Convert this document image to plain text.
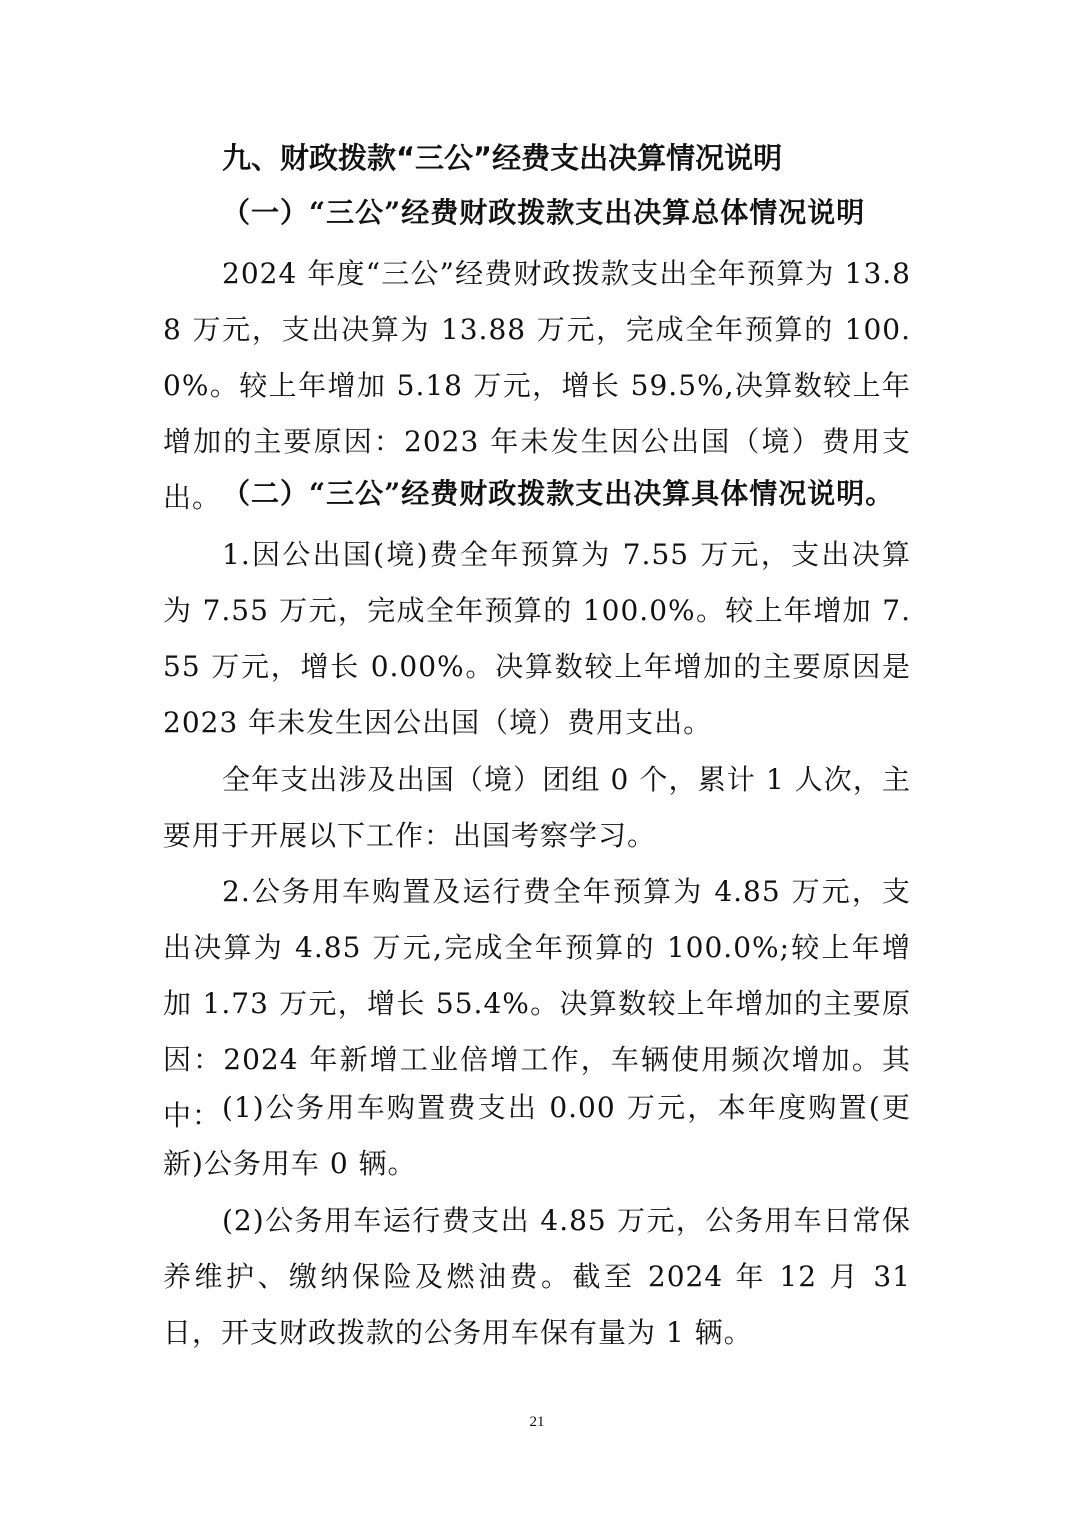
九、财政拨款“三公”经费支出决算情况说明
（一）“三公”经费财政拨款支出决算总体情况说明
2024 年度“三公”经费财政拨款支出全年预算为 13.88 万元，支出决算为 13.88 万元，完成全年预算的 100.0%。较上年增加 5.18 万元，增长 59.5%,决算数较上年增加的主要原因：2023 年未发生因公出国（境）费用支出。 （二）“三公”经费财政拨款支出决算具体情况说明。
1.因公出国(境)费全年预算为 7.55 万元，支出决算为 7.55 万元，完成全年预算的 100.0%。较上年增加 7.55 万元，增长 0.00%。决算数较上年增加的主要原因是 2023 年未发生因公出国（境）费用支出。
全年支出涉及出国（境）团组 0 个，累计 1 人次，主要用于开展以下工作：出国考察学习。
2.公务用车购置及运行费全年预算为 4.85 万元，支出决算为 4.85 万元,完成全年预算的 100.0%;较上年增加 1.73 万元，增长 55.4%。决算数较上年增加的主要原因：2024 年新增工业倍增工作，车辆使用频次增加。其中： (1)公务用车购置费支出 0.00 万元，本年度购置(更新)公务用车 0 辆。
(2)公务用车运行费支出 4.85 万元，公务用车日常保养维护、缴纳保险及燃油费。截至 2024 年 12 月 31 日，开支财政拨款的公务用车保有量为 1 辆。
21
